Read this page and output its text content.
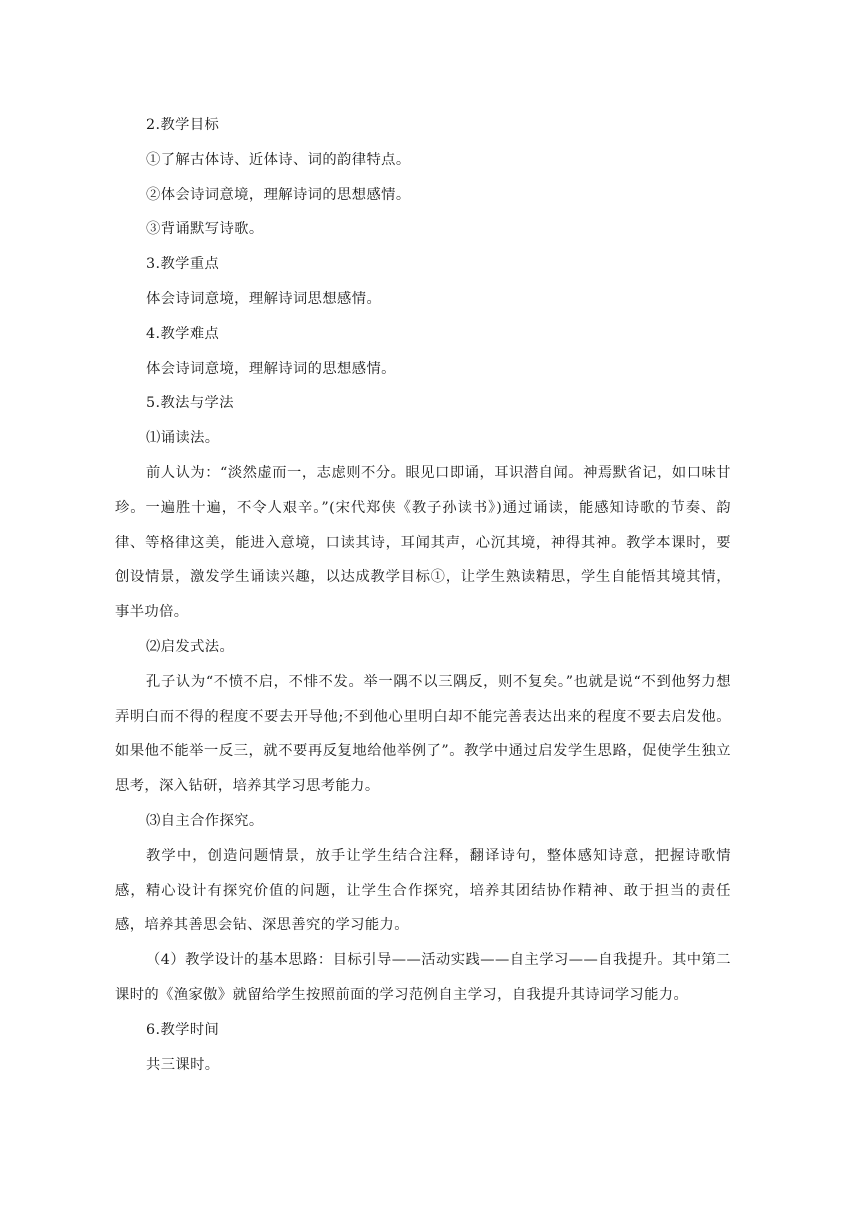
2.教学目标

①了解古体诗、近体诗、词的韵律特点。

②体会诗词意境，理解诗词的思想感情。

③背诵默写诗歌。

3.教学重点

体会诗词意境，理解诗词思想感情。

4.教学难点

体会诗词意境，理解诗词的思想感情。

5.教法与学法

⑴诵读法。

前人认为：“淡然虚而一，志虑则不分。眼见口即诵，耳识潜自闻。神焉默省记，如口味甘珍。一遍胜十遍，不令人艰辛。”(宋代郑侠《教子孙读书》)通过诵读，能感知诗歌的节奏、韵律、等格律这美，能进入意境，口读其诗，耳闻其声，心沉其境，神得其神。教学本课时，要创设情景，激发学生诵读兴趣，以达成教学目标①，让学生熟读精思，学生自能悟其境其情，事半功倍。

⑵启发式法。

孔子认为“不愤不启，不悱不发。举一隅不以三隅反，则不复矣。”也就是说“不到他努力想弄明白而不得的程度不要去开导他;不到他心里明白却不能完善表达出来的程度不要去启发他。如果他不能举一反三，就不要再反复地给他举例了”。教学中通过启发学生思路，促使学生独立思考，深入钻研，培养其学习思考能力。

⑶自主合作探究。

教学中，创造问题情景，放手让学生结合注释，翻译诗句，整体感知诗意，把握诗歌情感，精心设计有探究价值的问题，让学生合作探究，培养其团结协作精神、敢于担当的责任感，培养其善思会钻、深思善究的学习能力。

（4）教学设计的基本思路：目标引导——活动实践——自主学习——自我提升。其中第二课时的《渔家傲》就留给学生按照前面的学习范例自主学习，自我提升其诗词学习能力。

6.教学时间

共三课时。
